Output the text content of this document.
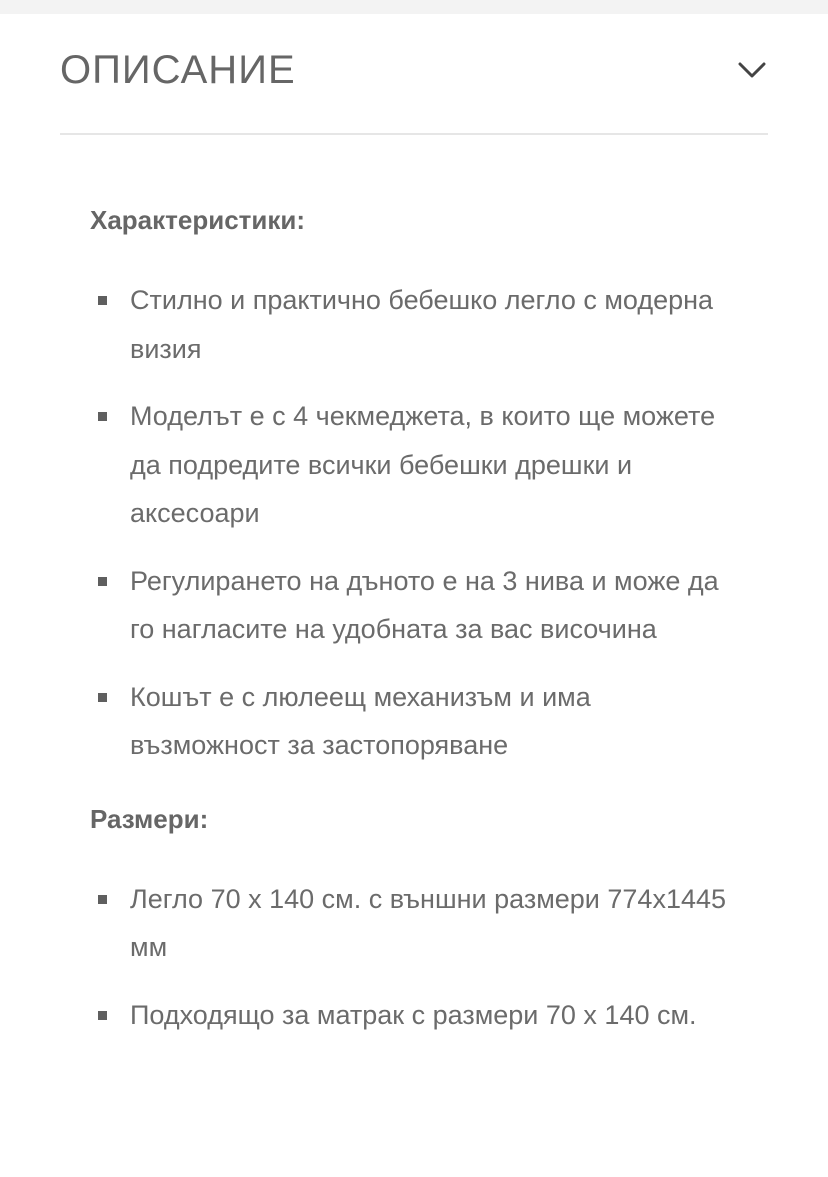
ОПИСАНИЕ
Характеристики:
Стилно и практично бебешко легло с модерна визия
Моделът е с 4 чекмеджета, в които ще можете да подредите всички бебешки дрешки и аксесоари
Регулирането на дъното е на 3 нива и може да го нагласите на удобната за вас височина
Кошът е с люлеещ механизъм и има възможност за застопоряване
Размери:
Легло 70 х 140 см. с външни размери 774х1445 мм
Подходящо за матрак с размери 70 х 140 см.
